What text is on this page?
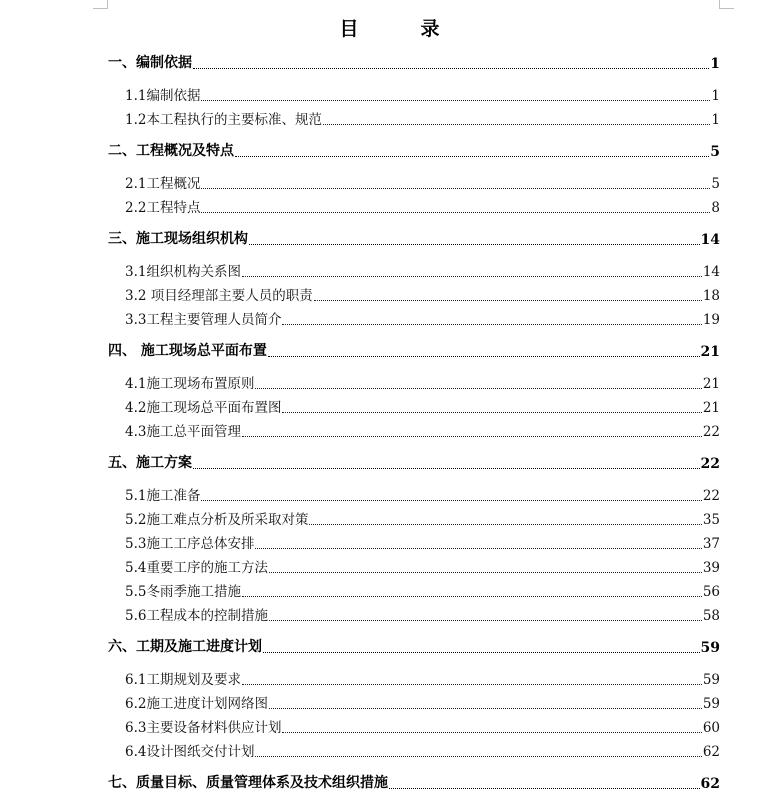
目	录
一、编制依据	1
1.1编制依据	1
1.2本工程执行的主要标准、规范	1
二、工程概况及特点	5
2.1工程概况	5
2.2工程特点	8
三、施工现场组织机构	14
3.1组织机构关系图	14
3.2 项目经理部主要人员的职责	18
3.3工程主要管理人员简介	19
四、 施工现场总平面布置	21
4.1施工现场布置原则	21
4.2施工现场总平面布置图	21
4.3施工总平面管理	22
五、施工方案	22
5.1施工准备	22
5.2施工难点分析及所采取对策	35
5.3施工工序总体安排	37
5.4重要工序的施工方法	39
5.5冬雨季施工措施	56
5.6工程成本的控制措施	58
六、工期及施工进度计划	59
6.1工期规划及要求	59
6.2施工进度计划网络图	59
6.3主要设备材料供应计划	60
6.4设计图纸交付计划	62
七、质量目标、质量管理体系及技术组织措施	62
